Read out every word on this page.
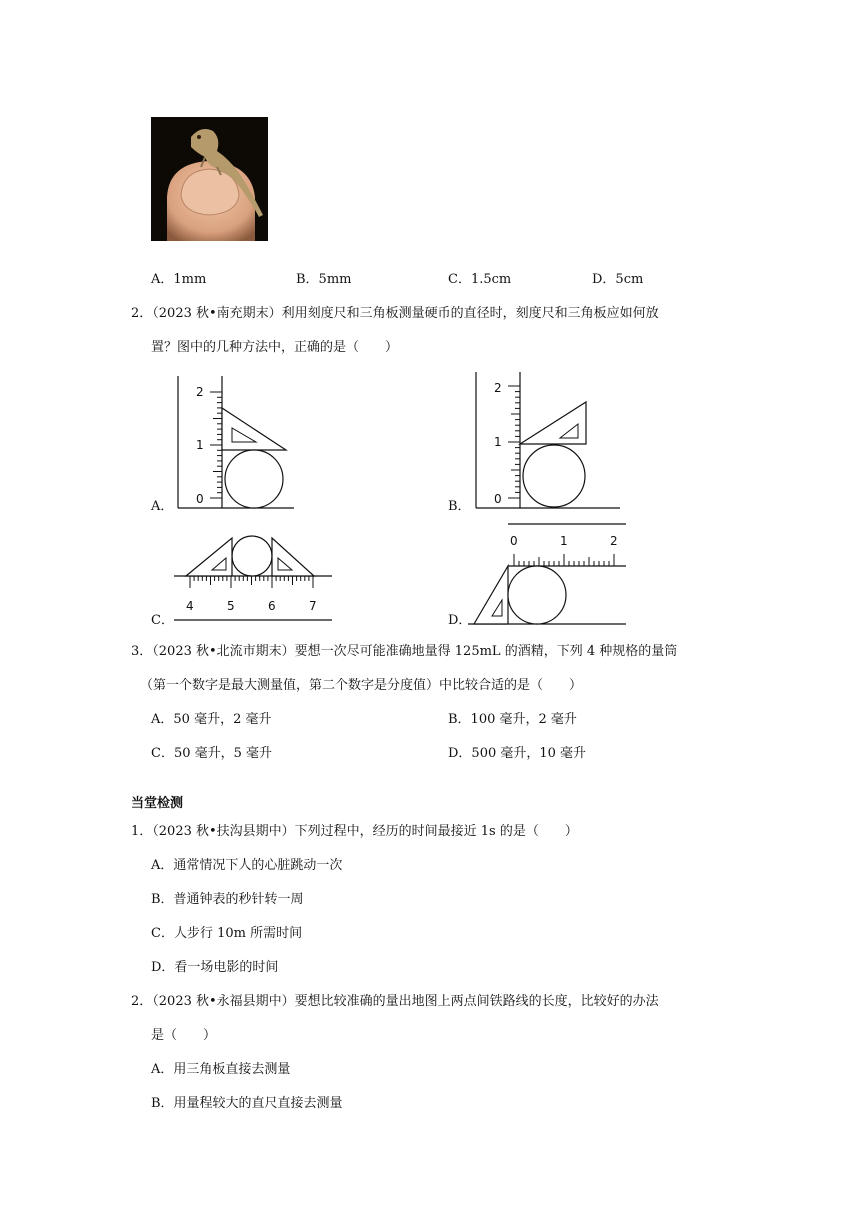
A．1mm	B．5mm	C．1.5cm	D．5cm
2．（2023 秋•南充期末）利用刻度尺和三角板测量硬币的直径时，刻度尺和三角板应如何放
置？图中的几种方法中，正确的是（　　）
A．	B．
C．	D．
2
1
0
2
1
0
4	5	6	7
0	1	2
3．（2023 秋•北流市期末）要想一次尽可能准确地量得 125mL 的酒精，下列 4 种规格的量筒
（第一个数字是最大测量值，第二个数字是分度值）中比较合适的是（　　）
A．50 毫升，2 毫升	B．100 毫升，2 毫升
C．50 毫升，5 毫升	D．500 毫升，10 毫升
当堂检测
1．（2023 秋•扶沟县期中）下列过程中，经历的时间最接近 1s 的是（　　）
A．通常情况下人的心脏跳动一次
B．普通钟表的秒针转一周
C．人步行 10m 所需时间
D．看一场电影的时间
2．（2023 秋•永福县期中）要想比较准确的量出地图上两点间铁路线的长度，比较好的办法
是（　　）
A．用三角板直接去测量
B．用量程较大的直尺直接去测量
